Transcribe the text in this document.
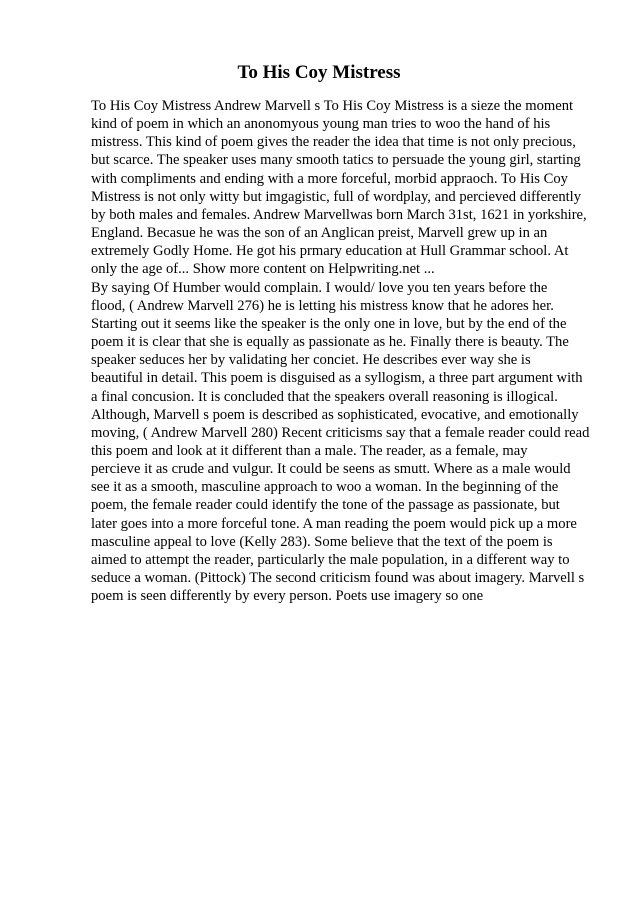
To His Coy Mistress
To His Coy Mistress Andrew Marvell s To His Coy Mistress is a sieze the moment
kind of poem in which an anonomyous young man tries to woo the hand of his
mistress. This kind of poem gives the reader the idea that time is not only precious,
but scarce. The speaker uses many smooth tatics to persuade the young girl, starting
with compliments and ending with a more forceful, morbid appraoch. To His Coy
Mistress is not only witty but imgagistic, full of wordplay, and percieved differently
by both males and females. Andrew Marvellwas born March 31st, 1621 in yorkshire,
England. Becasue he was the son of an Anglican preist, Marvell grew up in an
extremely Godly Home. He got his prmary education at Hull Grammar school. At
only the age of... Show more content on Helpwriting.net ...
By saying Of Humber would complain. I would/ love you ten years before the
flood, ( Andrew Marvell 276) he is letting his mistress know that he adores her.
Starting out it seems like the speaker is the only one in love, but by the end of the
poem it is clear that she is equally as passionate as he. Finally there is beauty. The
speaker seduces her by validating her conciet. He describes ever way she is
beautiful in detail. This poem is disguised as a syllogism, a three part argument with
a final concusion. It is concluded that the speakers overall reasoning is illogical.
Although, Marvell s poem is described as sophisticated, evocative, and emotionally
moving, ( Andrew Marvell 280) Recent criticisms say that a female reader could read
this poem and look at it different than a male. The reader, as a female, may
percieve it as crude and vulgur. It could be seens as smutt. Where as a male would
see it as a smooth, masculine approach to woo a woman. In the beginning of the
poem, the female reader could identify the tone of the passage as passionate, but
later goes into a more forceful tone. A man reading the poem would pick up a more
masculine appeal to love (Kelly 283). Some believe that the text of the poem is
aimed to attempt the reader, particularly the male population, in a different way to
seduce a woman. (Pittock) The second criticism found was about imagery. Marvell s
poem is seen differently by every person. Poets use imagery so one
